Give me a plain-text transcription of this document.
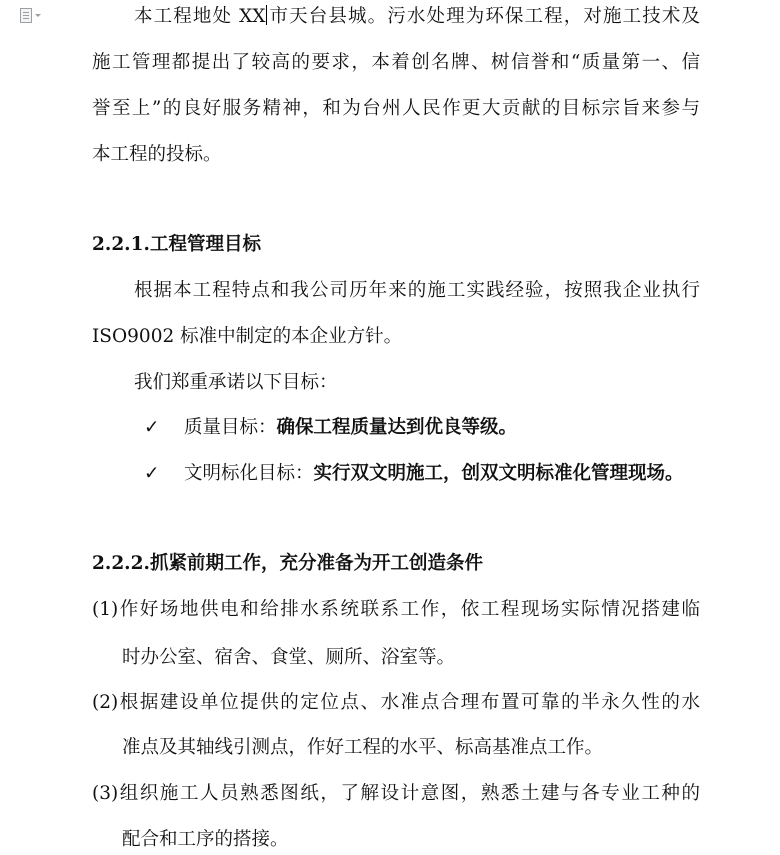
本工程地处 XX 市天台县城。污水处理为环保工程，对施工技术及
施工管理都提出了较高的要求，本着创名牌、树信誉和“质量第一、信
誉至上”的良好服务精神，和为台州人民作更大贡献的目标宗旨来参与
本工程的投标。
2.2.1.工程管理目标
根据本工程特点和我公司历年来的施工实践经验，按照我企业执行
ISO9002 标准中制定的本企业方针。
我们郑重承诺以下目标：
✓ 质量目标：确保工程质量达到优良等级。
✓ 文明标化目标：实行双文明施工，创双文明标准化管理现场。
2.2.2.抓紧前期工作，充分准备为开工创造条件
(1)作好场地供电和给排水系统联系工作，依工程现场实际情况搭建临
时办公室、宿舍、食堂、厕所、浴室等。
(2)根据建设单位提供的定位点、水准点合理布置可靠的半永久性的水
准点及其轴线引测点，作好工程的水平、标高基准点工作。
(3)组织施工人员熟悉图纸，了解设计意图，熟悉土建与各专业工种的
配合和工序的搭接。
